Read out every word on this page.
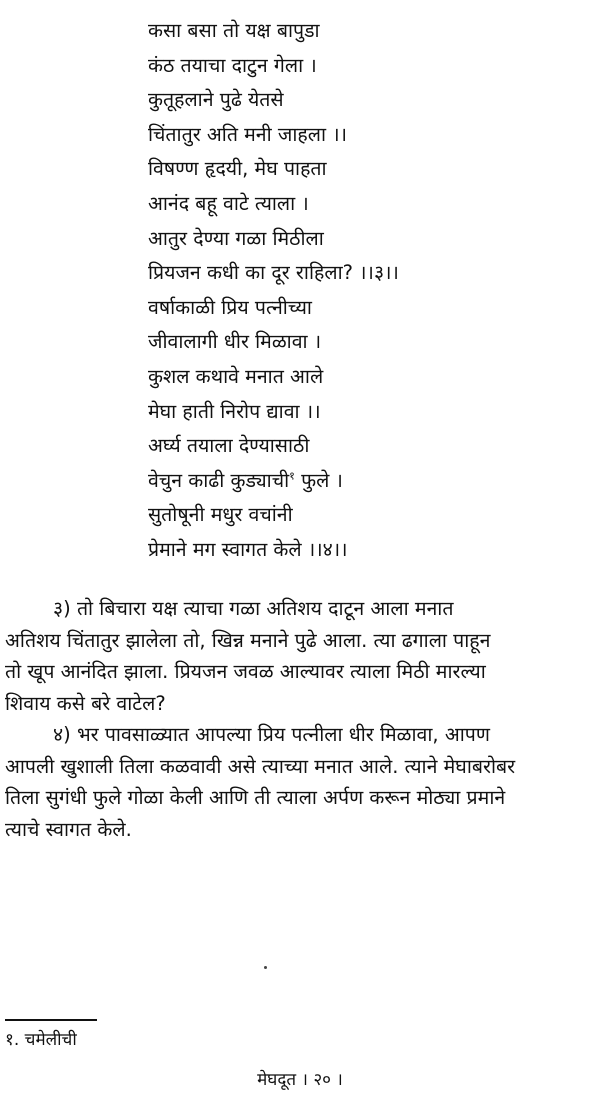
कसा बसा तो यक्ष बापुडा
कंठ तयाचा दाटुन गेला ।
कुतूहलाने पुढे येतसे
चिंतातुर अति मनी जाहला ।।
विषण्ण हृदयी, मेघ पाहता
आनंद बहू वाटे त्याला ।
आतुर देण्या गळा मिठीला
प्रियजन कधी का दूर राहिला? ।।३।।
वर्षाकाळी प्रिय पत्नीच्या
जीवालागी धीर मिळावा ।
कुशल कथावे मनात आले
मेघा हाती निरोप द्यावा ।।
अर्घ्य तयाला देण्यासाठी
वेचुन काढी कुड्याची$^१$ फुले ।
सुतोषूनी मधुर वचांनी
प्रेमाने मग स्वागत केले ।।४।।

३) तो बिचारा यक्ष त्याचा गळा अतिशय दाटून आला मनात
अतिशय चिंतातुर झालेला तो, खिन्न मनाने पुढे आला. त्या ढगाला पाहून
तो खूप आनंदित झाला. प्रियजन जवळ आल्यावर त्याला मिठी मारल्या
शिवाय कसे बरे वाटेल?

४) भर पावसाळ्यात आपल्या प्रिय पत्नीला धीर मिळावा, आपण
आपली खुशाली तिला कळवावी असे त्याच्या मनात आले. त्याने मेघाबरोबर
तिला सुगंधी फुले गोळा केली आणि ती त्याला अर्पण करून मोठ्या प्रमाने
त्याचे स्वागत केले.

१. चमेलीची
मेघदूत । २० ।
